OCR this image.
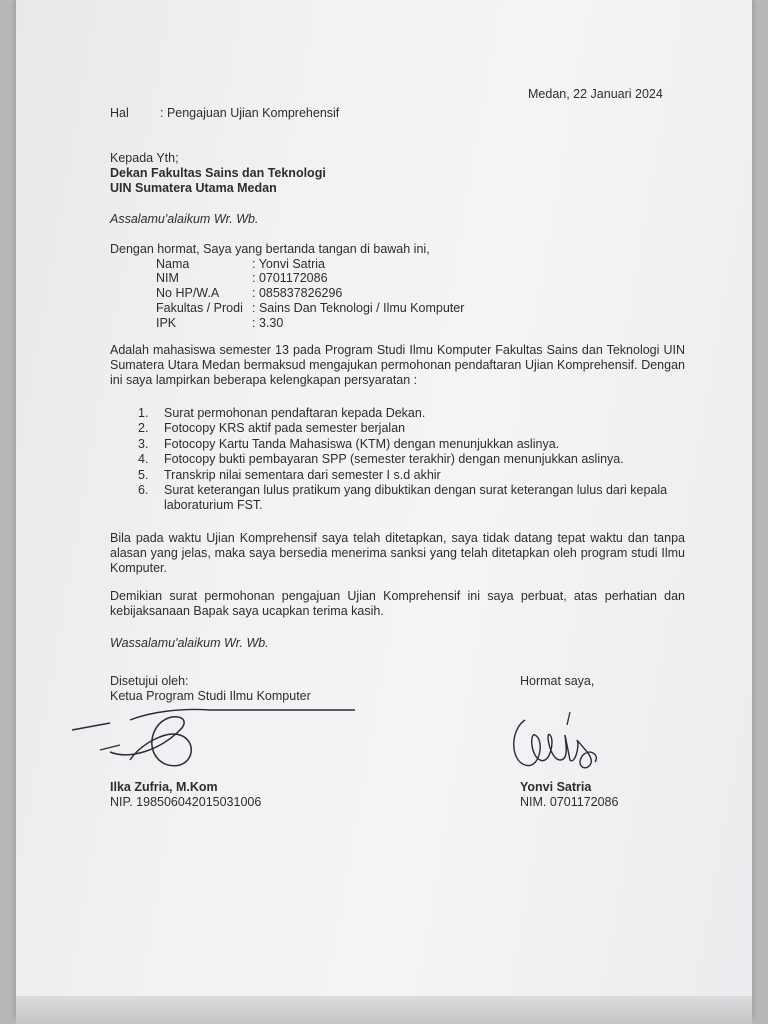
Medan, 22 Januari 2024
Hal : Pengajuan Ujian Komprehensif
Kepada Yth;
Dekan Fakultas Sains dan Teknologi
UIN Sumatera Utama Medan
Assalamu'alaikum Wr. Wb.
Dengan hormat, Saya yang bertanda tangan di bawah ini,
Nama	: Yonvi Satria
NIM	: 0701172086
No HP/W.A	: 085837826296
Fakultas / Prodi : Sains Dan Teknologi / Ilmu Komputer
IPK	: 3.30
Adalah mahasiswa semester 13 pada Program Studi Ilmu Komputer Fakultas Sains dan Teknologi UIN Sumatera Utara Medan bermaksud mengajukan permohonan pendaftaran Ujian Komprehensif. Dengan ini saya lampirkan beberapa kelengkapan persyaratan :
1. Surat permohonan pendaftaran kepada Dekan.
2. Fotocopy KRS aktif pada semester berjalan
3. Fotocopy Kartu Tanda Mahasiswa (KTM) dengan menunjukkan aslinya.
4. Fotocopy bukti pembayaran SPP (semester terakhir) dengan menunjukkan aslinya.
5. Transkrip nilai sementara dari semester I s.d akhir
6. Surat keterangan lulus pratikum yang dibuktikan dengan surat keterangan lulus dari kepala laboraturium FST.
Bila pada waktu Ujian Komprehensif saya telah ditetapkan, saya tidak datang tepat waktu dan tanpa alasan yang jelas, maka saya bersedia menerima sanksi yang telah ditetapkan oleh program studi Ilmu Komputer.
Demikian surat permohonan pengajuan Ujian Komprehensif ini saya perbuat, atas perhatian dan kebijaksanaan Bapak saya ucapkan terima kasih.
Wassalamu'alaikum Wr. Wb.
Disetujui oleh:
Ketua Program Studi Ilmu Komputer
Ilka Zufria, M.Kom
NIP. 198506042015031006
Hormat saya,
Yonvi Satria
NIM. 0701172086
